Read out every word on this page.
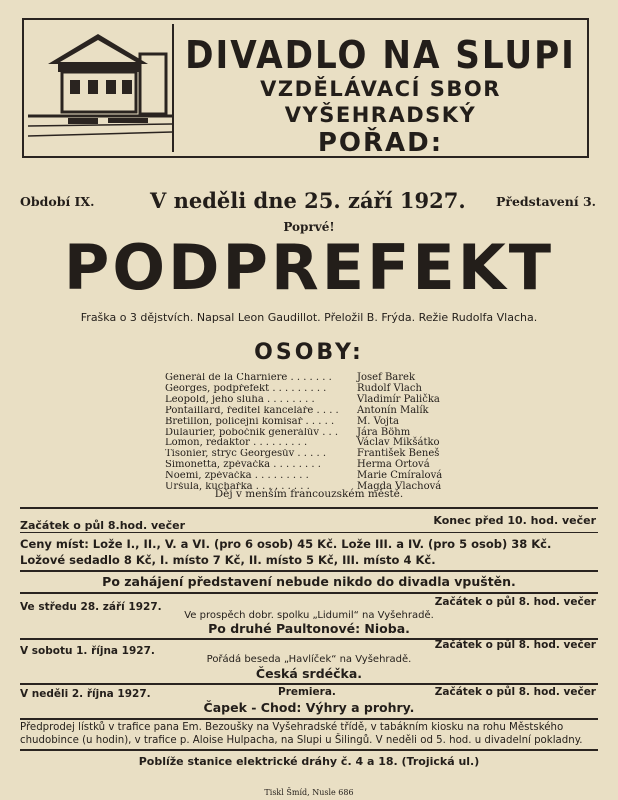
DIVADLO NA SLUPI
VZDĚLÁVACÍ SBOR VYŠEHRADSKÝ
POŘAD:
Období IX.	V neděli dne 25. září 1927. Představení 3.
Poprvé!
PODPREFEKT
Fraška o 3 dějstvích. Napsal Leon Gaudillot. Přeložil B. Frýda. Režie Rudolfa Vlacha.
OSOBY:
Generál de la Charniere . . . . . . .	Josef Barek
Georges, podpřefekt . . . . . . . . .	Rudolf Vlach
Leopold, jeho sluha . . . . . . . .	Vladimír Palička
Pontaillard, ředitel kanceláře . . . .	Antonín Malík
Bretillon, policejní komisař . . . . .	M. Vojta
Dulaurier, pobočník generálův . . .	Jára Böhm
Lomon, redaktor . . . . . . . . .	Václav Mikšátko
Tisonier, strýc Georgesův . . . . .	František Beneš
Simonetta, zpěvačka . . . . . . . .	Herma Ortová
Noemi, zpěvačka . . . . . . . . .	Marie Cmíralová
Uršula, kuchařka . . . . . . . . .	Magda Vlachová
Děj v menším francouzském městě.
Začátek o půl 8.hod. večer	Konec před 10. hod. večer
Ceny míst: Lože I., II., V. a VI. (pro 6 osob) 45 Kč. Lože III. a IV. (pro 5 osob) 38 Kč. Ložové sedadlo 8 Kč, I. místo 7 Kč, II. místo 5 Kč, III. místo 4 Kč.
Po zahájení představení nebude nikdo do divadla vpuštěn.
Ve středu 28. září 1927.	Začátek o půl 8. hod. večer
Ve prospěch dobr. spolku „Lidumil“ na Vyšehradě.
Po druhé Paultonové: Nioba.
V sobotu 1. října 1927.	Začátek o půl 8. hod. večer
Pořádá beseda „Havlíček“ na Vyšehradě.
Česká srdéčka.
V neděli 2. října 1927.	Premiera.	Začátek o půl 8. hod. večer
Čapek - Chod: Výhry a prohry.
Předprodej lístků v trafice pana Em. Bezoušky na Vyšehradské třídě, v tabákním kiosku na rohu Městského chudobince (u hodin), v trafice p. Aloise Hulpacha, na Slupi u Šilingů. V neděli od 5. hod. u divadelní pokladny.
Poblíže stanice elektrické dráhy č. 4 a 18. (Trojická ul.)
Tiskl Šmíd, Nusle 686
